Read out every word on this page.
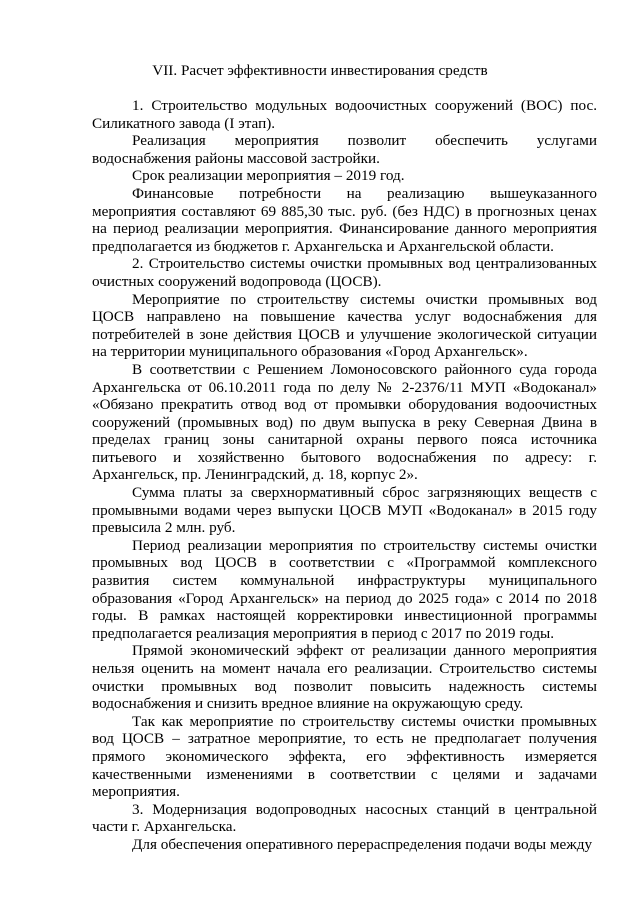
VII. Расчет эффективности инвестирования средств

1. Строительство модульных водоочистных сооружений (ВОС) пос. Силикатного завода (I этап).

Реализация мероприятия позволит обеспечить услугами водоснабжения районы массовой застройки.

Срок реализации мероприятия – 2019 год.

Финансовые потребности на реализацию вышеуказанного мероприятия составляют 69 885,30 тыс. руб. (без НДС) в прогнозных ценах на период реализации мероприятия. Финансирование данного мероприятия предполагается из бюджетов г. Архангельска и Архангельской области.

2. Строительство системы очистки промывных вод централизованных очистных сооружений водопровода (ЦОСВ).

Мероприятие по строительству системы очистки промывных вод ЦОСВ направлено на повышение качества услуг водоснабжения для потребителей в зоне действия ЦОСВ и улучшение экологической ситуации на территории муниципального образования «Город Архангельск».

В соответствии с Решением Ломоносовского районного суда города Архангельска от 06.10.2011 года по делу № 2-2376/11 МУП «Водоканал» «Обязано прекратить отвод вод от промывки оборудования водоочистных сооружений (промывных вод) по двум выпуска в реку Северная Двина в пределах границ зоны санитарной охраны первого пояса источника питьевого и хозяйственно бытового водоснабжения по адресу: г. Архангельск, пр. Ленинградский, д. 18, корпус 2».

Сумма платы за сверхнормативный сброс загрязняющих веществ с промывными водами через выпуски ЦОСВ МУП «Водоканал» в 2015 году превысила 2 млн. руб.

Период реализации мероприятия по строительству системы очистки промывных вод ЦОСВ в соответствии с «Программой комплексного развития систем коммунальной инфраструктуры муниципального образования «Город Архангельск» на период до 2025 года» с 2014 по 2018 годы. В рамках настоящей корректировки инвестиционной программы предполагается реализация мероприятия в период с 2017 по 2019 годы.

Прямой экономический эффект от реализации данного мероприятия нельзя оценить на момент начала его реализации. Строительство системы очистки промывных вод позволит повысить надежность системы водоснабжения и снизить вредное влияние на окружающую среду.

Так как мероприятие по строительству системы очистки промывных вод ЦОСВ – затратное мероприятие, то есть не предполагает получения прямого экономического эффекта, его эффективность измеряется качественными изменениями в соответствии с целями и задачами мероприятия.

3. Модернизация водопроводных насосных станций в центральной части г. Архангельска.

Для обеспечения оперативного перераспределения подачи воды между
